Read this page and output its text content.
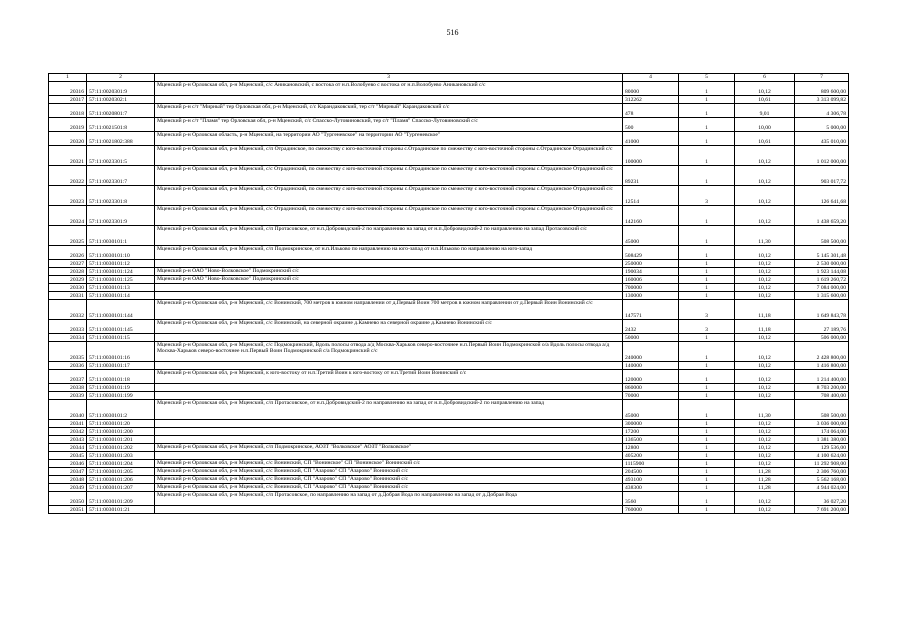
516
1	2	3	4	5	6	7
20316	57:11:0020301:9	Мценский р-н Орловская обл, р-н Мценский, с/с Аникановский, с востока от н.п.Волобуево с востока от н.п.Волобуево Аникановский с/с	80000	1	10,12	809 600,00
20317	57:11:0020302:1		312262	1	10,61	3 313 099,82
20318	57:11:0020801:7	Мценский р-н с/т "Мирный" тер Орловская обл, р-н Мценский, с/с Карандаковский, тер с/т "Мирный" Карандаковский с/с	478	1	9,01	4 306,78
20319	57:11:0021501:8	Мценский р-н с/т "Пламя" тер Орловская обл, р-н Мценский, с/с Спасско-Лутовиновский, тер с/т "Пламя" Спасско-Лутовиновский с/с	500	1	10,00	5 000,00
20320	57:11:0021802:388	Мценский р-н Орловская область, р-н Мценский, на территории АО "Тургеневское" на территории АО "Тургеневское"	41000	1	10,61	435 010,00
20321	57:11:0023301:5	Мценский р-н Орловская обл, р-н Мценский, с/п Отрадинское, по смежеству с юго-восточной стороны с.Отрадинское по смежеству с юго-восточной стороны с.Отрадинское Отрадинский с/с	100000	1	10,12	1 012 000,00
20322	57:11:0023301:7	Мценский р-н Орловская обл, р-н Мценский, с/с Отрадинский, по смежеству с юго-восточной стороны с.Отрадинское по смежеству с юго-восточной стороны с.Отрадинское Отрадинский с/с	89231	1	10,12	903 017,72
20323	57:11:0023301:8	Мценский р-н Орловская обл, р-н Мценский, с/с Отрадинский, по смежеству с юго-восточной стороны с.Отрадинское по смежеству с юго-восточной стороны с.Отрадинское Отрадинский с/с	12514	3	10,12	126 641,68
20324	57:11:0023301:9	Мценский р-н Орловская обл, р-н Мценский, с/с Отрадинский, по смежеству с юго-восточной стороны с.Отрадинское по смежеству с юго-восточной стороны с.Отрадинское Отрадинский с/с	142160	1	10,12	1 438 659,20
20325	57:11:0030101:1	Мценский р-н Орловская обл, р-н Мценский, с/п Протасовское, от н.п.Добровидский-2 по направлению на запад от н.п.Добровидский-2 по направлению на запад Протасовский с/с	45000	1	11,30	508 500,00
20326	57:11:0030101:10	Мценский р-н Орловская обл, р-н Мценский, с/п Подмокринское, от н.п.Ильково по направлению на юго-запад от н.п.Ильково по направлению на юго-запад	508429	1	10,12	5 145 301,48
20327	57:11:0030101:12		250000	1	10,12	2 530 000,00
20328	57:11:0030101:124	Мценский р-н ОАО "Ново-Волковское" Подмокринский с/с	190034	1	10,12	1 923 144,08
20329	57:11:0030101:125	Мценский р-н ОАО "Ново-Волковское" Подмокринский с/с	160006	1	10,12	1 619 260,72
20330	57:11:0030101:13		700000	1	10,12	7 084 000,00
20331	57:11:0030101:14		130000	1	10,12	1 315 600,00
20332	57:11:0030101:144	Мценский р-н Орловская обл, р-н Мценский, с/с Вонинский, 700 метров в южном направлении от д.Первый Воин 700 метров в южном направлении от д.Первый Воин Вонинский с/с	147571	3	11,18	1 649 843,78
20333	57:11:0030101:145	Мценский р-н Орловская обл, р-н Мценский, с/с Вонинский, на северной окраине д.Камнево на северной окраине д.Камнево Вонинский с/с	2432	3	11,18	27 189,76
20334	57:11:0030101:15		50000	1	10,12	506 000,00
20335	57:11:0030101:16	Мценский р-н Орловская обл, р-н Мценский, с/с Подмокринский, Вдоль полосы отвода а/д Москва-Харьков северо-восточнее н.п.Первый Воин Подмокринской о/а Вдоль полосы отвода а/д Москва-Харьков северо-восточнее н.п.Первый Воин Подмокринской с/а Подмокринский с/с	240000	1	10,12	2 428 800,00
20336	57:11:0030101:17		140000	1	10,12	1 416 800,00
20337	57:11:0030101:18	Мценский р-н Орловская обл, р-н Мценский, к юго-востоку от н.п.Третий Воин к юго-востоку от н.п.Третий Воин Вонинский с/с	120000	1	10,12	1 214 400,00
20338	57:11:0030101:19		860000	1	10,12	8 703 200,00
20339	57:11:0030101:199		70000	1	10,12	708 400,00
20340	57:11:0030101:2	Мценский р-н Орловская обл, р-н Мценский, с/п Протасовское, от н.п.Добровидский-2 по направлению на запад от н.п.Добровидский-2 по направлению на запад	45000	1	11,30	508 500,00
20341	57:11:0030101:20		300000	1	10,12	3 036 000,00
20342	57:11:0030101:200		17200	1	10,12	174 064,00
20343	57:11:0030101:201		136500	1	10,12	1 381 380,00
20344	57:11:0030101:202	Мценский р-н Орловская обл, р-н Мценский, с/п Подмокринское, АОЗТ "Волковское" АОЗТ "Волковское"	12800	1	10,12	129 536,00
20345	57:11:0030101:203		405200	1	10,12	4 100 624,00
20346	57:11:0030101:204	Мценский р-н Орловская обл, р-н Мценский, с/с Вонинский, СП "Вонинское" СП "Вонинское" Вонинский с/с	1115900	1	10,12	11 292 908,00
20347	57:11:0030101:205	Мценский р-н Орловская обл, р-н Мценский, с/с Вонинский, СП "Азарово" СП "Азарово" Вонинский с/с	204500	1	11,28	2 306 760,00
20348	57:11:0030101:206	Мценский р-н Орловская обл, р-н Мценский, с/с Вонинский, СП "Азарово" СП "Азарово" Вонинский с/с	493100	1	11,28	5 562 168,00
20349	57:11:0030101:207	Мценский р-н Орловская обл, р-н Мценский, с/с Вонинский, СП "Азарово" СП "Азарово" Вонинский с/с	438300	1	11,28	4 944 024,00
20350	57:11:0030101:209	Мценский р-н Орловская обл, р-н Мценский, с/п Протасовское, по направлению на запад от д.Добрая Вода по направлению на запад от д.Добрая Вода	3560	1	10,12	36 027,20
20351	57:11:0030101:21		760000	1	10,12	7 691 200,00
